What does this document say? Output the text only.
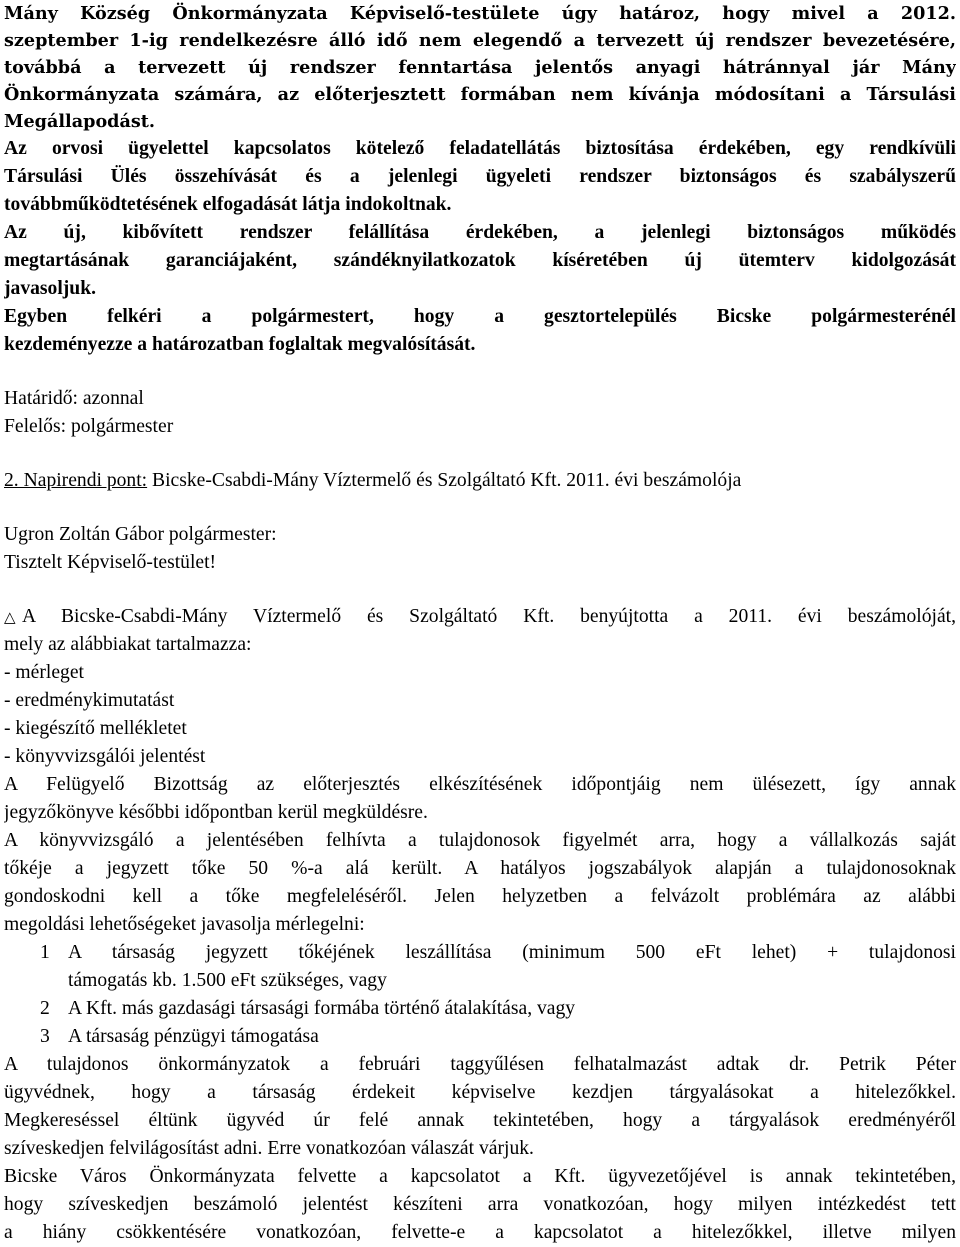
Mány Község Önkormányzata Képviselő-testülete úgy határoz, hogy mivel a 2012.
szeptember 1-ig rendelkezésre álló idő nem elegendő a tervezett új rendszer bevezetésére,
továbbá a tervezett új rendszer fenntartása jelentős anyagi hátránnyal jár Mány
Önkormányzata számára, az előterjesztett formában nem kívánja módosítani a Társulási
Megállapodást.
Az orvosi ügyelettel kapcsolatos kötelező feladatellátás biztosítása érdekében, egy rendkívüli
Társulási Ülés összehívását és a jelenlegi ügyeleti rendszer biztonságos és szabályszerű
továbbműködtetésének elfogadását látja indokoltnak.
Az új, kibővített rendszer felállítása érdekében, a jelenlegi biztonságos működés
megtartásának garanciájaként, szándéknyilatkozatok kíséretében új ütemterv kidolgozását
javasoljuk.
Egyben felkéri a polgármestert, hogy a gesztortelepülés Bicske polgármesterénél
kezdeményezze a határozatban foglaltak megvalósítását.
Határidő: azonnal
Felelős: polgármester
2. Napirendi pont: Bicske-Csabdi-Mány Víztermelő és Szolgáltató Kft. 2011. évi beszámolója
Ugron Zoltán Gábor polgármester:
Tisztelt Képviselő-testület!
△ A Bicske-Csabdi-Mány Víztermelő és Szolgáltató Kft. benyújtotta a 2011. évi beszámolóját,
mely az alábbiakat tartalmazza:
- mérleget
- eredménykimutatást
- kiegészítő mellékletet
- könyvvizsgálói jelentést
A Felügyelő Bizottság az előterjesztés elkészítésének időpontjáig nem ülésezett, így annak
jegyzőkönyve későbbi időpontban kerül megküldésre.
A könyvvizsgáló a jelentésében felhívta a tulajdonosok figyelmét arra, hogy a vállalkozás saját
tőkéje a jegyzett tőke 50 %-a alá került. A hatályos jogszabályok alapján a tulajdonosoknak
gondoskodni kell a tőke megfeleléséről. Jelen helyzetben a felvázolt problémára az alábbi
megoldási lehetőségeket javasolja mérlegelni:
1 A társaság jegyzett tőkéjének leszállítása (minimum 500 eFt lehet) + tulajdonosi
támogatás kb. 1.500 eFt szükséges, vagy
2 A Kft. más gazdasági társasági formába történő átalakítása, vagy
3 A társaság pénzügyi támogatása
A tulajdonos önkormányzatok a februári taggyűlésen felhatalmazást adtak dr. Petrik Péter
ügyvédnek, hogy a társaság érdekeit képviselve kezdjen tárgyalásokat a hitelezőkkel.
Megkereséssel éltünk ügyvéd úr felé annak tekintetében, hogy a tárgyalások eredményéről
szíveskedjen felvilágosítást adni. Erre vonatkozóan válaszát várjuk.
Bicske Város Önkormányzata felvette a kapcsolatot a Kft. ügyvezetőjével is annak tekintetében,
hogy szíveskedjen beszámoló jelentést készíteni arra vonatkozóan, hogy milyen intézkedést tett
a hiány csökkentésére vonatkozóan, felvette-e a kapcsolatot a hitelezőkkel, illetve milyen
